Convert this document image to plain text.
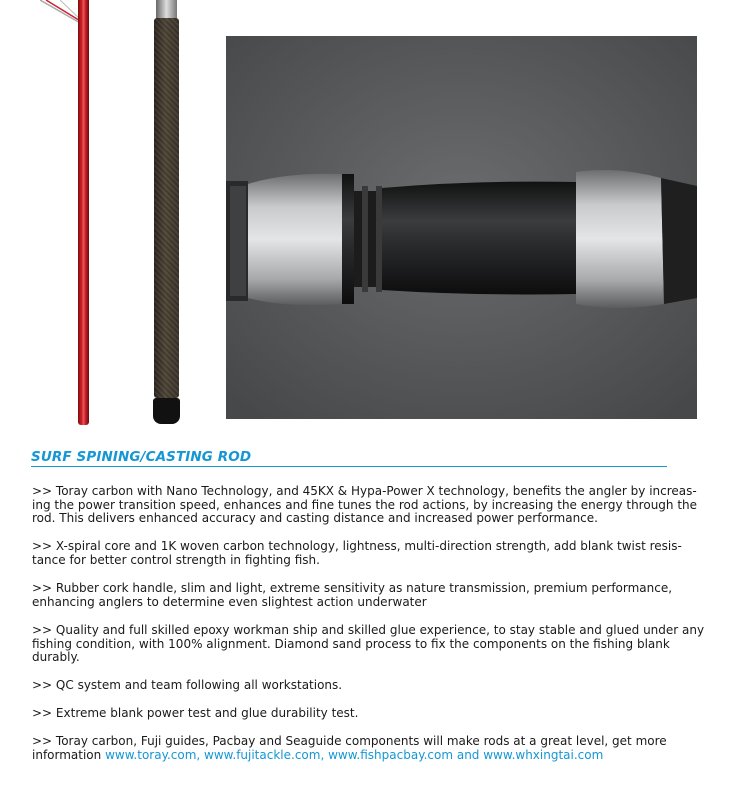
SURF SPINING/CASTING ROD

>> Toray carbon with Nano Technology, and 45KX & Hypa-Power X technology, benefits the angler by increas-
ing the power transition speed, enhances and fine tunes the rod actions, by increasing the energy through the
rod. This delivers enhanced accuracy and casting distance and increased power performance.

>> X-spiral core and 1K woven carbon technology, lightness, multi-direction strength, add blank twist resis-
tance for better control strength in fighting fish.

>> Rubber cork handle, slim and light, extreme sensitivity as nature transmission, premium performance,
enhancing anglers to determine even slightest action underwater

>> Quality and full skilled epoxy workman ship and skilled glue experience, to stay stable and glued under any
fishing condition, with 100% alignment. Diamond sand process to fix the components on the fishing blank
durably.

>> QC system and team following all workstations.

>> Extreme blank power test and glue durability test.

>> Toray carbon, Fuji guides, Pacbay and Seaguide components will make rods at a great level, get more
information www.toray.com, www.fujitackle.com, www.fishpacbay.com and www.whxingtai.com
